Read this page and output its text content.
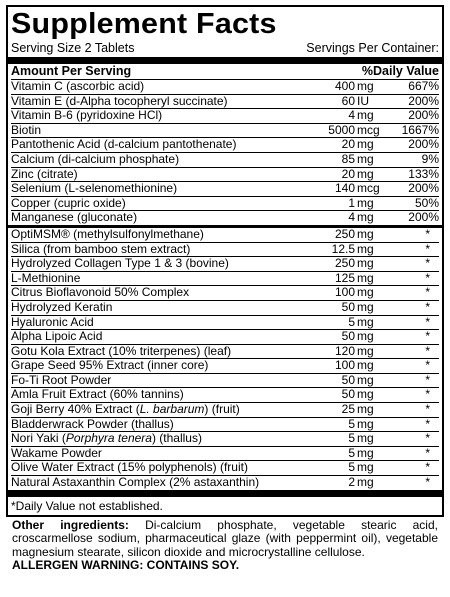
Supplement Facts
Serving Size 2 Tablets	Servings Per Container:
Amount Per Serving	%Daily Value
Vitamin C (ascorbic acid)	400 mg	667%
Vitamin E (d-Alpha tocopheryl succinate)	60 IU	200%
Vitamin B-6 (pyridoxine HCl)	4 mg	200%
Biotin	5000 mcg	1667%
Pantothenic Acid (d-calcium pantothenate)	20 mg	200%
Calcium (di-calcium phosphate)	85 mg	9%
Zinc (citrate)	20 mg	133%
Selenium (L-selenomethionine)	140 mcg	200%
Copper (cupric oxide)	1 mg	50%
Manganese (gluconate)	4 mg	200%
OptiMSM® (methylsulfonylmethane)	250 mg	*
Silica (from bamboo stem extract)	12.5 mg	*
Hydrolyzed Collagen Type 1 & 3 (bovine)	250 mg	*
L-Methionine	125 mg	*
Citrus Bioflavonoid 50% Complex	100 mg	*
Hydrolyzed Keratin	50 mg	*
Hyaluronic Acid	5 mg	*
Alpha Lipoic Acid	50 mg	*
Gotu Kola Extract (10% triterpenes) (leaf)	120 mg	*
Grape Seed 95% Extract (inner core)	100 mg	*
Fo-Ti Root Powder	50 mg	*
Amla Fruit Extract (60% tannins)	50 mg	*
Goji Berry 40% Extract (L. barbarum) (fruit)	25 mg	*
Bladderwrack Powder (thallus)	5 mg	*
Nori Yaki (Porphyra tenera) (thallus)	5 mg	*
Wakame Powder	5 mg	*
Olive Water Extract (15% polyphenols) (fruit)	5 mg	*
Natural Astaxanthin Complex (2% astaxanthin)	2 mg	*
*Daily Value not established.
Other ingredients: Di-calcium phosphate, vegetable stearic acid, croscarmellose sodium, pharmaceutical glaze (with peppermint oil), vegetable magnesium stearate, silicon dioxide and microcrystalline cellulose.
ALLERGEN WARNING: CONTAINS SOY.
